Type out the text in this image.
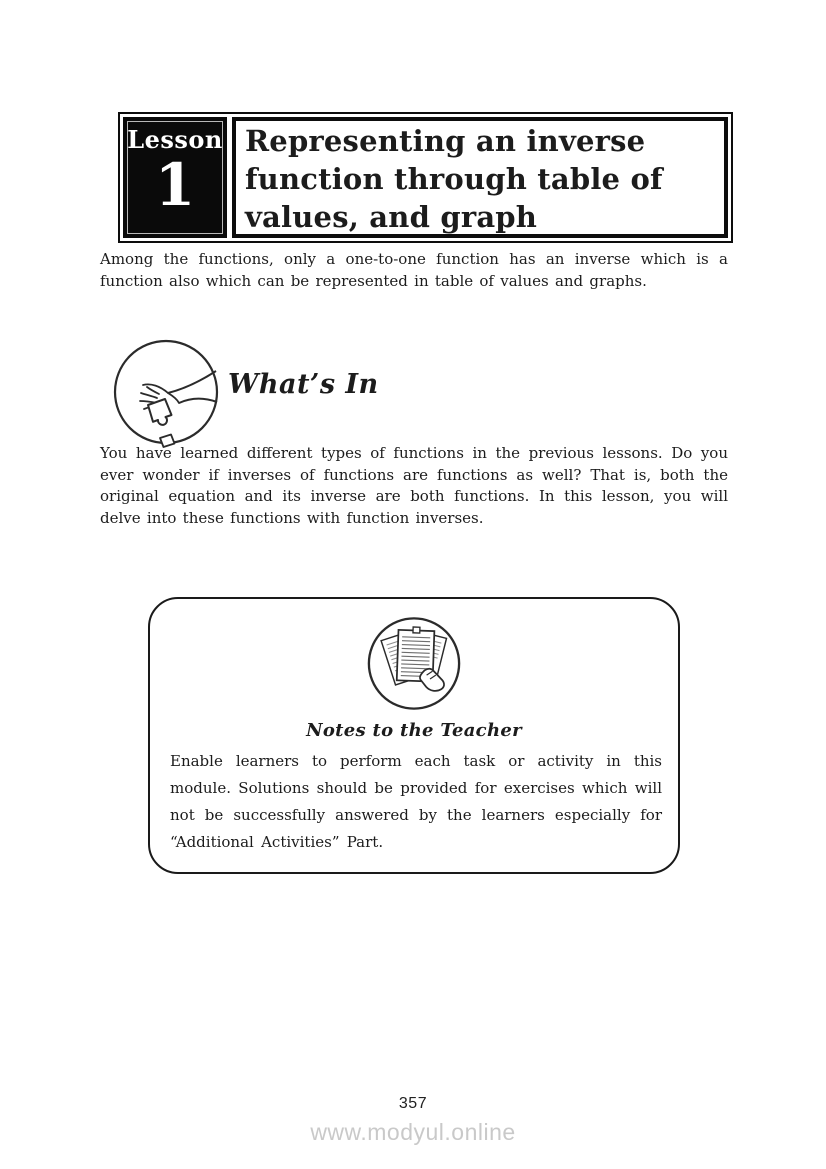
Lesson
1
Representing an inverse
function through table of
values, and graph

Among the functions, only a one-to-one function has an inverse which is a function also which can be represented in table of values and graphs.

What’s In

You have learned different types of functions in the previous lessons. Do you ever wonder if inverses of functions are functions as well? That is, both the original equation and its inverse are both functions. In this lesson, you will delve into these functions with function inverses.

Notes to the Teacher

Enable learners to perform each task or activity in this module. Solutions should be provided for exercises which will not be successfully answered by the learners especially for “Additional Activities” Part.

357
www.modyul.online
